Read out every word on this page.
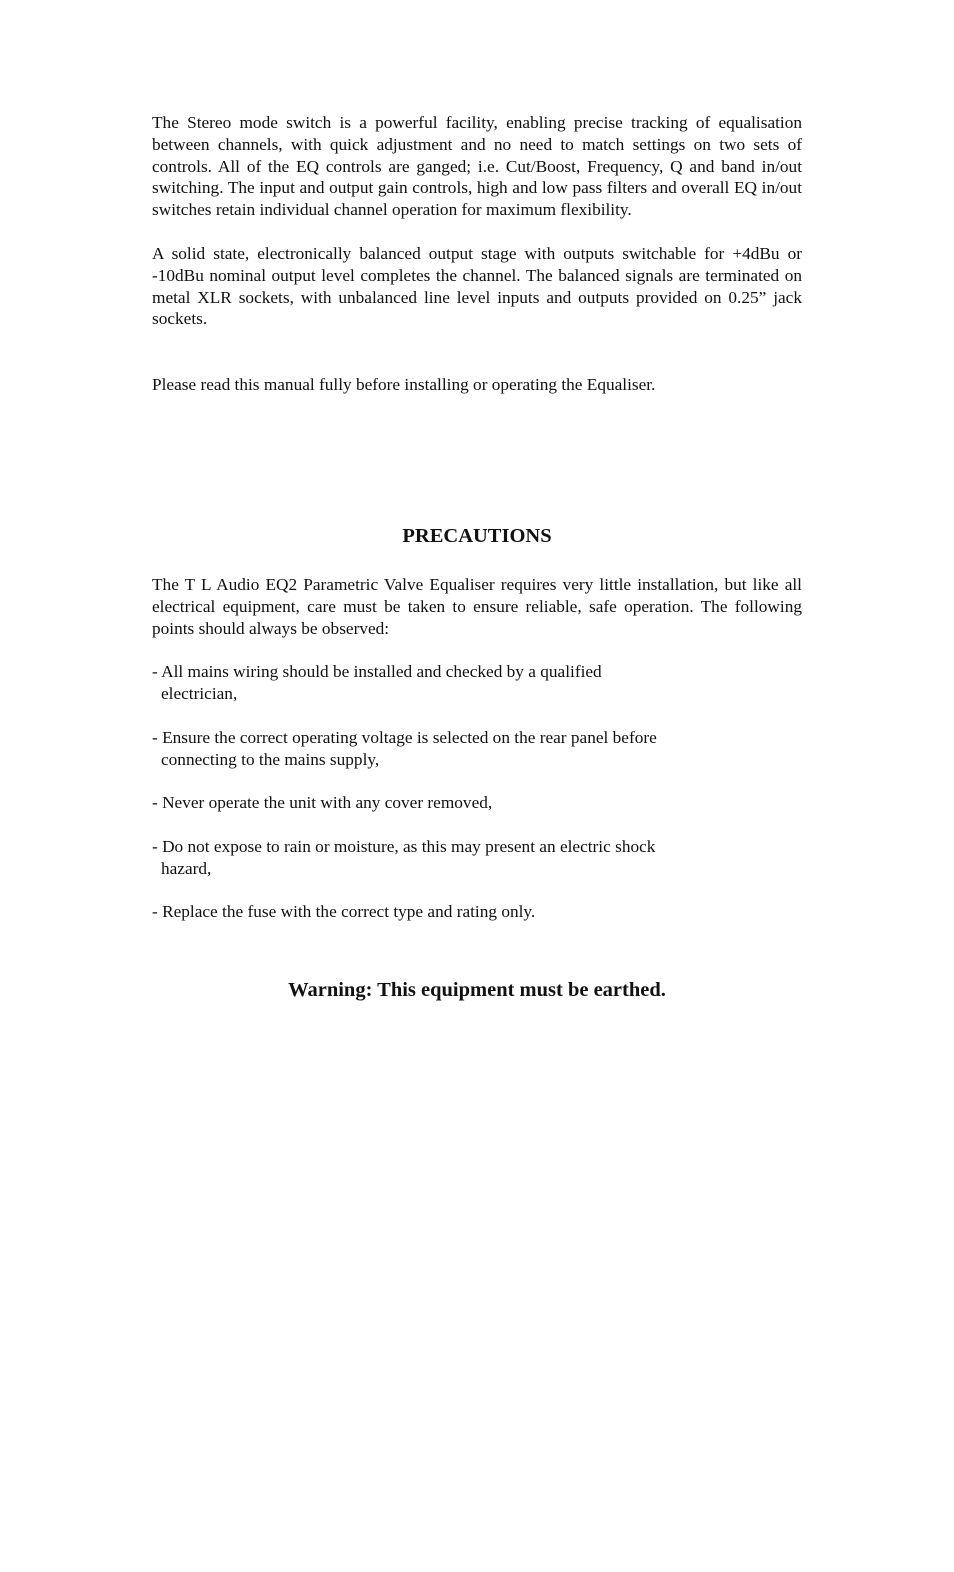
The Stereo mode switch is a powerful facility, enabling precise tracking of equalisation between channels, with quick adjustment and no need to match settings on two sets of controls. All of the EQ controls are ganged; i.e. Cut/Boost, Frequency, Q and band in/out switching. The input and output gain controls, high and low pass filters and overall EQ in/out switches retain individual channel operation for maximum flexibility.

A solid state, electronically balanced output stage with outputs switchable for +4dBu or -10dBu nominal output level completes the channel. The balanced signals are terminated on metal XLR sockets, with unbalanced line level inputs and outputs provided on 0.25” jack sockets.

Please read this manual fully before installing or operating the Equaliser.

PRECAUTIONS

The T L Audio EQ2 Parametric Valve Equaliser requires very little installation, but like all electrical equipment, care must be taken to ensure reliable, safe operation. The following points should always be observed:

- All mains wiring should be installed and checked by a qualified electrician,
- Ensure the correct operating voltage is selected on the rear panel before connecting to the mains supply,
- Never operate the unit with any cover removed,
- Do not expose to rain or moisture, as this may present an electric shock hazard,
- Replace the fuse with the correct type and rating only.
Warning: This equipment must be earthed.
